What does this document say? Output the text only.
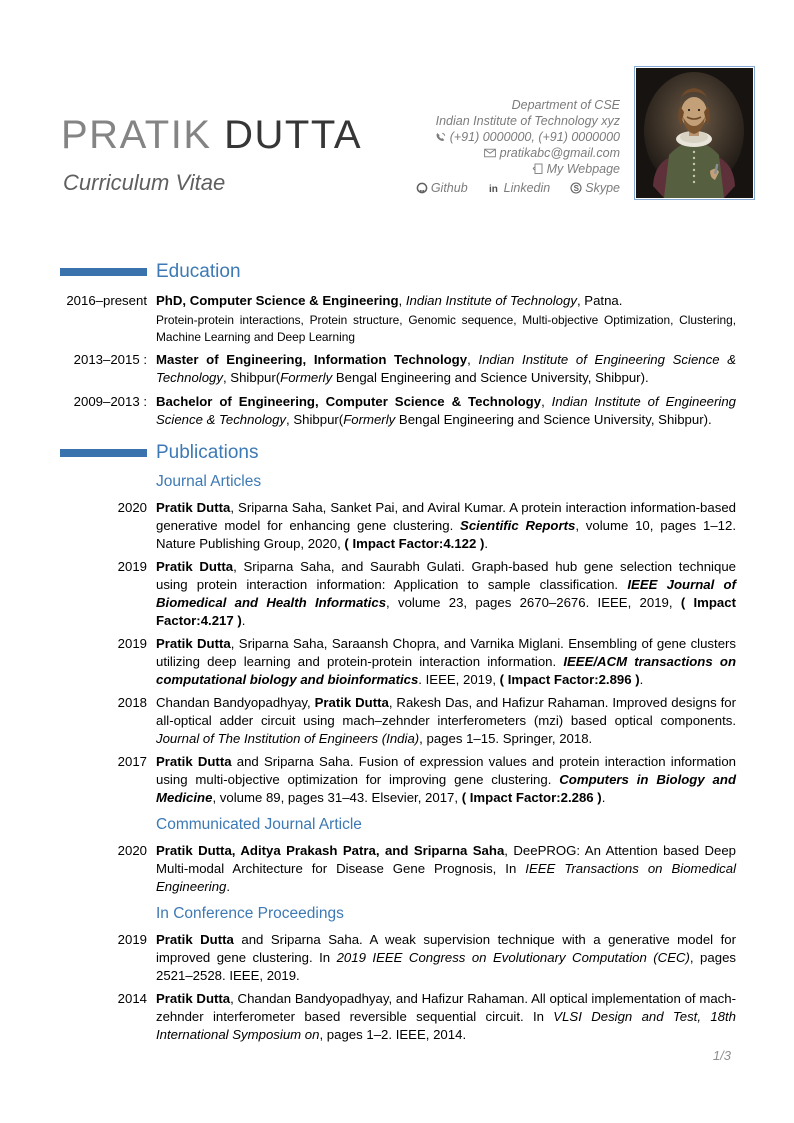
PRATIK DUTTA
Curriculum Vitae
Department of CSE
Indian Institute of Technology xyz
(+91) 0000000, (+91) 0000000
pratikabc@gmail.com
My Webpage
Github in Linkedin	S Skype
Education
2016–present PhD, Computer Science & Engineering, Indian Institute of Technology, Patna.
Protein-protein interactions, Protein structure, Genomic sequence, Multi-objective Optimization, Clustering, Machine Learning and Deep Learning
2013–2015 : Master of Engineering, Information Technology, Indian Institute of Engineering Science & Technology, Shibpur(Formerly Bengal Engineering and Science University, Shibpur).
2009–2013 : Bachelor of Engineering, Computer Science & Technology, Indian Institute of Engineering Science & Technology, Shibpur(Formerly Bengal Engineering and Science University, Shibpur).
Publications
Journal Articles
2020 Pratik Dutta, Sriparna Saha, Sanket Pai, and Aviral Kumar. A protein interaction information-based generative model for enhancing gene clustering. Scientific Reports, volume 10, pages 1–12. Nature Publishing Group, 2020, ( Impact Factor:4.122 ).
2019 Pratik Dutta, Sriparna Saha, and Saurabh Gulati. Graph-based hub gene selection technique using protein interaction information: Application to sample classification. IEEE Journal of Biomedical and Health Informatics, volume 23, pages 2670–2676. IEEE, 2019, ( Impact Factor:4.217 ).
2019 Pratik Dutta, Sriparna Saha, Saraansh Chopra, and Varnika Miglani. Ensembling of gene clusters utilizing deep learning and protein-protein interaction information. IEEE/ACM transactions on computational biology and bioinformatics. IEEE, 2019, ( Impact Factor:2.896 ).
2018 Chandan Bandyopadhyay, Pratik Dutta, Rakesh Das, and Hafizur Rahaman. Improved designs for all-optical adder circuit using mach–zehnder interferometers (mzi) based optical components. Journal of The Institution of Engineers (India), pages 1–15. Springer, 2018.
2017 Pratik Dutta and Sriparna Saha. Fusion of expression values and protein interaction information using multi-objective optimization for improving gene clustering. Computers in Biology and Medicine, volume 89, pages 31–43. Elsevier, 2017, ( Impact Factor:2.286 ).
Communicated Journal Article
2020 Pratik Dutta, Aditya Prakash Patra, and Sriparna Saha, DeePROG: An Attention based Deep Multi-modal Architecture for Disease Gene Prognosis, In IEEE Transactions on Biomedical Engineering.
In Conference Proceedings
2019 Pratik Dutta and Sriparna Saha. A weak supervision technique with a generative model for improved gene clustering. In 2019 IEEE Congress on Evolutionary Computation (CEC), pages 2521–2528. IEEE, 2019.
2014 Pratik Dutta, Chandan Bandyopadhyay, and Hafizur Rahaman. All optical implementation of mach-zehnder interferometer based reversible sequential circuit. In VLSI Design and Test, 18th International Symposium on, pages 1–2. IEEE, 2014.
1/3
